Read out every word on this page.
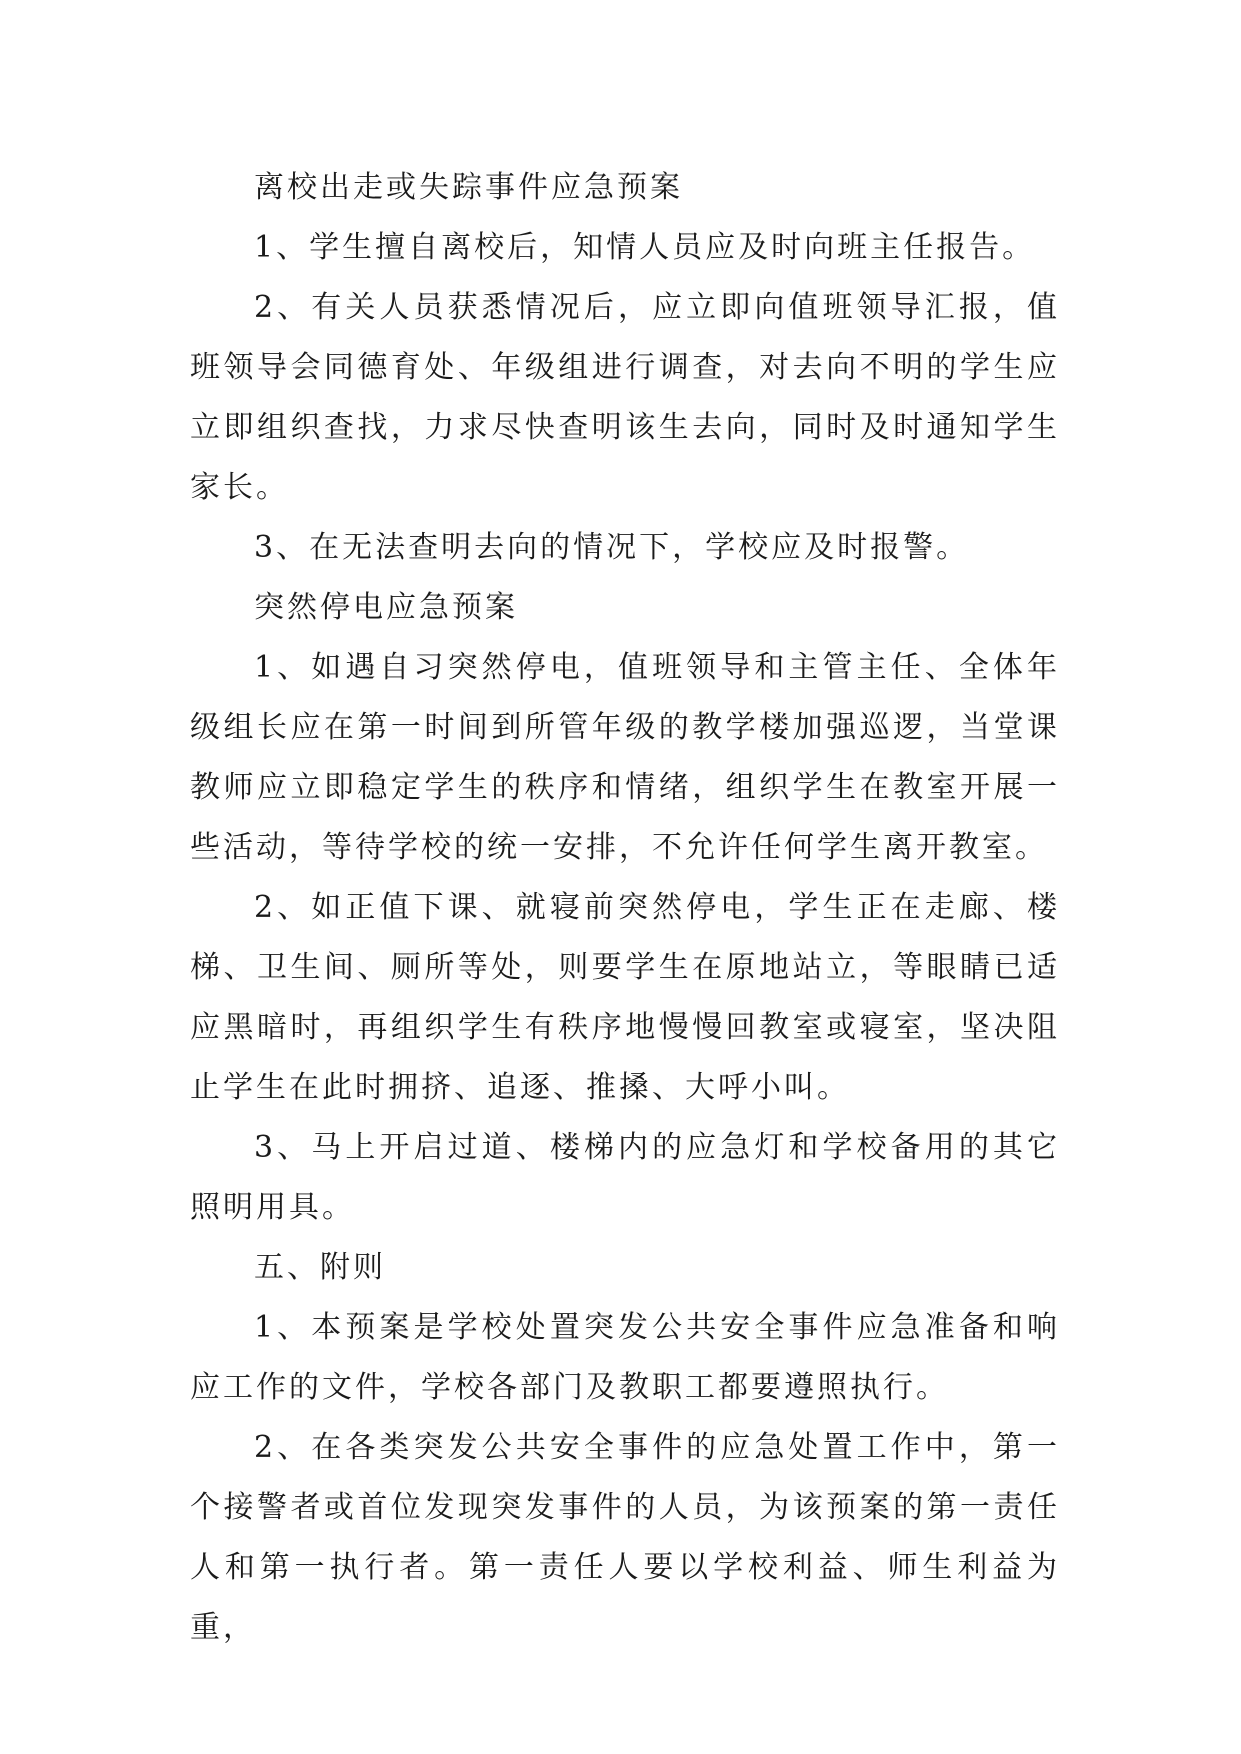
离校出走或失踪事件应急预案

1、学生擅自离校后，知情人员应及时向班主任报告。

2、有关人员获悉情况后，应立即向值班领导汇报，值班领导会同德育处、年级组进行调查，对去向不明的学生应立即组织查找，力求尽快查明该生去向，同时及时通知学生家长。

3、在无法查明去向的情况下，学校应及时报警。

突然停电应急预案

1、如遇自习突然停电，值班领导和主管主任、全体年级组长应在第一时间到所管年级的教学楼加强巡逻，当堂课教师应立即稳定学生的秩序和情绪，组织学生在教室开展一些活动，等待学校的统一安排，不允许任何学生离开教室。

2、如正值下课、就寝前突然停电，学生正在走廊、楼梯、卫生间、厕所等处，则要学生在原地站立，等眼睛已适应黑暗时，再组织学生有秩序地慢慢回教室或寝室，坚决阻止学生在此时拥挤、追逐、推搡、大呼小叫。

3、马上开启过道、楼梯内的应急灯和学校备用的其它照明用具。

五、附则

1、本预案是学校处置突发公共安全事件应急准备和响应工作的文件，学校各部门及教职工都要遵照执行。

2、在各类突发公共安全事件的应急处置工作中，第一个接警者或首位发现突发事件的人员，为该预案的第一责任人和第一执行者。第一责任人要以学校利益、师生利益为重，
